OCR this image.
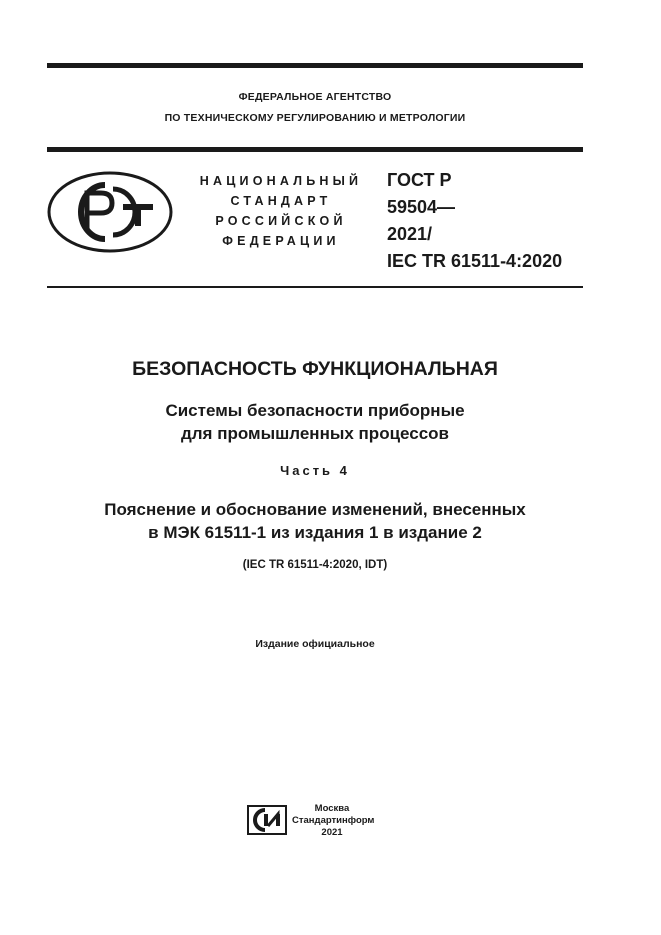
ФЕДЕРАЛЬНОЕ АГЕНТСТВО
ПО ТЕХНИЧЕСКОМУ РЕГУЛИРОВАНИЮ И МЕТРОЛОГИИ
НАЦИОНАЛЬНЫЙ
СТАНДАРТ
РОССИЙСКОЙ
ФЕДЕРАЦИИ
ГОСТ Р
59504—
2021/
IEC TR 61511-4:2020
БЕЗОПАСНОСТЬ ФУНКЦИОНАЛЬНАЯ
Системы безопасности приборные
для промышленных процессов
Часть 4
Пояснение и обоснование изменений, внесенных
в МЭК 61511-1 из издания 1 в издание 2
(IEC TR 61511-4:2020, IDT)
Издание официальное
Москва
Стандартинформ
2021
